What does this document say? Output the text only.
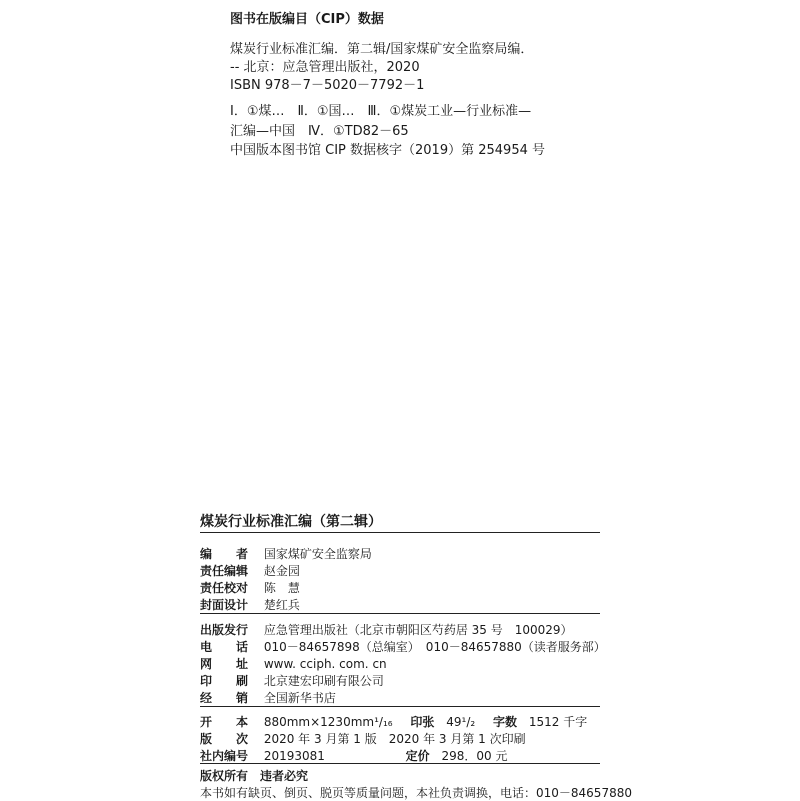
图书在版编目（CIP）数据
煤炭行业标准汇编．第二辑/国家煤矿安全监察局编．
-- 北京：应急管理出版社，2020
ISBN 978－7－5020－7792－1
Ⅰ．①煤…　Ⅱ．①国…　Ⅲ．①煤炭工业—行业标准—
汇编—中国　Ⅳ．①TD82－65
中国版本图书馆 CIP 数据核字（2019）第 254954 号
煤炭行业标准汇编（第二辑）
编　　者 国家煤矿安全监察局
责任编辑 赵金园
责任校对 陈　慧
封面设计 楚红兵
出版发行 应急管理出版社（北京市朝阳区芍药居 35 号　100029）
电　　话 010－84657898（总编室）　010－84657880（读者服务部）
网　　址 www. cciph. com. cn
印　　刷 北京建宏印刷有限公司
经　　销 全国新华书店
开　　本 880mm×1230mm¹/₁₆ 印张 49¹/₂ 字数 1512 千字
版　　次 2020 年 3 月第 1 版　2020 年 3 月第 1 次印刷
社内编号 20193081	定价 298．00 元
版权所有　违者必究
本书如有缺页、倒页、脱页等质量问题，本社负责调换，电话：010－84657880
